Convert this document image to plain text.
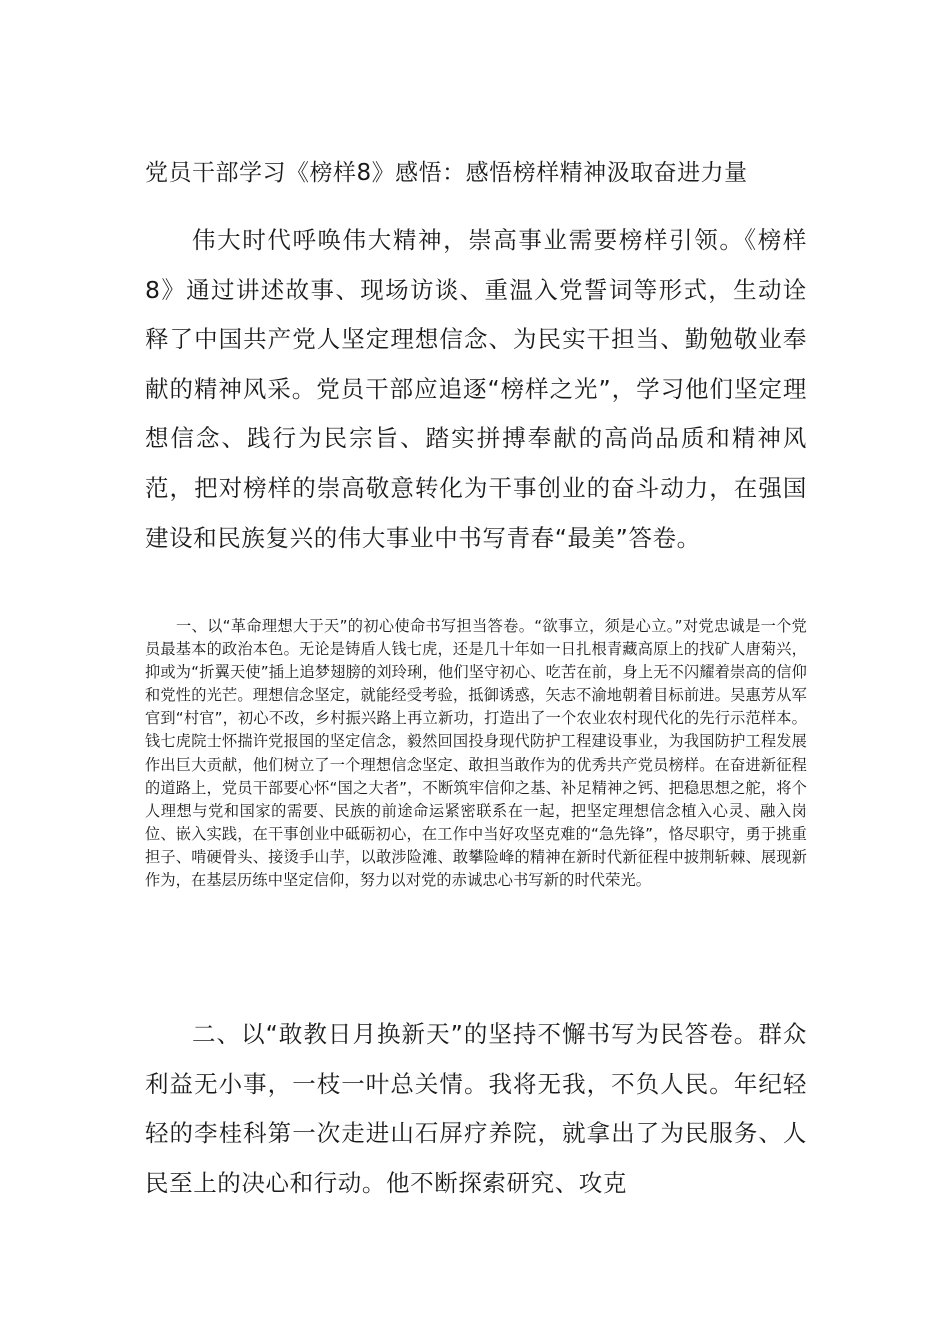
党员干部学习《榜样8》感悟：感悟榜样精神汲取奋进力量

伟大时代呼唤伟大精神，崇高事业需要榜样引领。《榜样8》通过讲述故事、现场访谈、重温入党誓词等形式，生动诠释了中国共产党人坚定理想信念、为民实干担当、勤勉敬业奉献的精神风采。党员干部应追逐“榜样之光”，学习他们坚定理想信念、践行为民宗旨、踏实拼搏奉献的高尚品质和精神风范，把对榜样的崇高敬意转化为干事创业的奋斗动力，在强国建设和民族复兴的伟大事业中书写青春“最美”答卷。

一、以“革命理想大于天”的初心使命书写担当答卷。“欲事立，须是心立。”对党忠诚是一个党员最基本的政治本色。无论是铸盾人钱七虎，还是几十年如一日扎根青藏高原上的找矿人唐菊兴，抑或为“折翼天使”插上追梦翅膀的刘玲琍，他们坚守初心、吃苦在前，身上无不闪耀着崇高的信仰和党性的光芒。理想信念坚定，就能经受考验，抵御诱惑，矢志不渝地朝着目标前进。吴惠芳从军官到“村官”，初心不改，乡村振兴路上再立新功，打造出了一个农业农村现代化的先行示范样本。钱七虎院士怀揣许党报国的坚定信念，毅然回国投身现代防护工程建设事业，为我国防护工程发展作出巨大贡献，他们树立了一个理想信念坚定、敢担当敢作为的优秀共产党员榜样。在奋进新征程的道路上，党员干部要心怀“国之大者”，不断筑牢信仰之基、补足精神之钙、把稳思想之舵，将个人理想与党和国家的需要、民族的前途命运紧密联系在一起，把坚定理想信念植入心灵、融入岗位、嵌入实践，在干事创业中砥砺初心，在工作中当好攻坚克难的“急先锋”，恪尽职守，勇于挑重担子、啃硬骨头、接烫手山芋，以敢涉险滩、敢攀险峰的精神在新时代新征程中披荆斩棘、展现新作为，在基层历练中坚定信仰，努力以对党的赤诚忠心书写新的时代荣光。

二、以“敢教日月换新天”的坚持不懈书写为民答卷。群众利益无小事，一枝一叶总关情。我将无我，不负人民。年纪轻轻的李桂科第一次走进山石屏疗养院，就拿出了为民服务、人民至上的决心和行动。他不断探索研究、攻克
